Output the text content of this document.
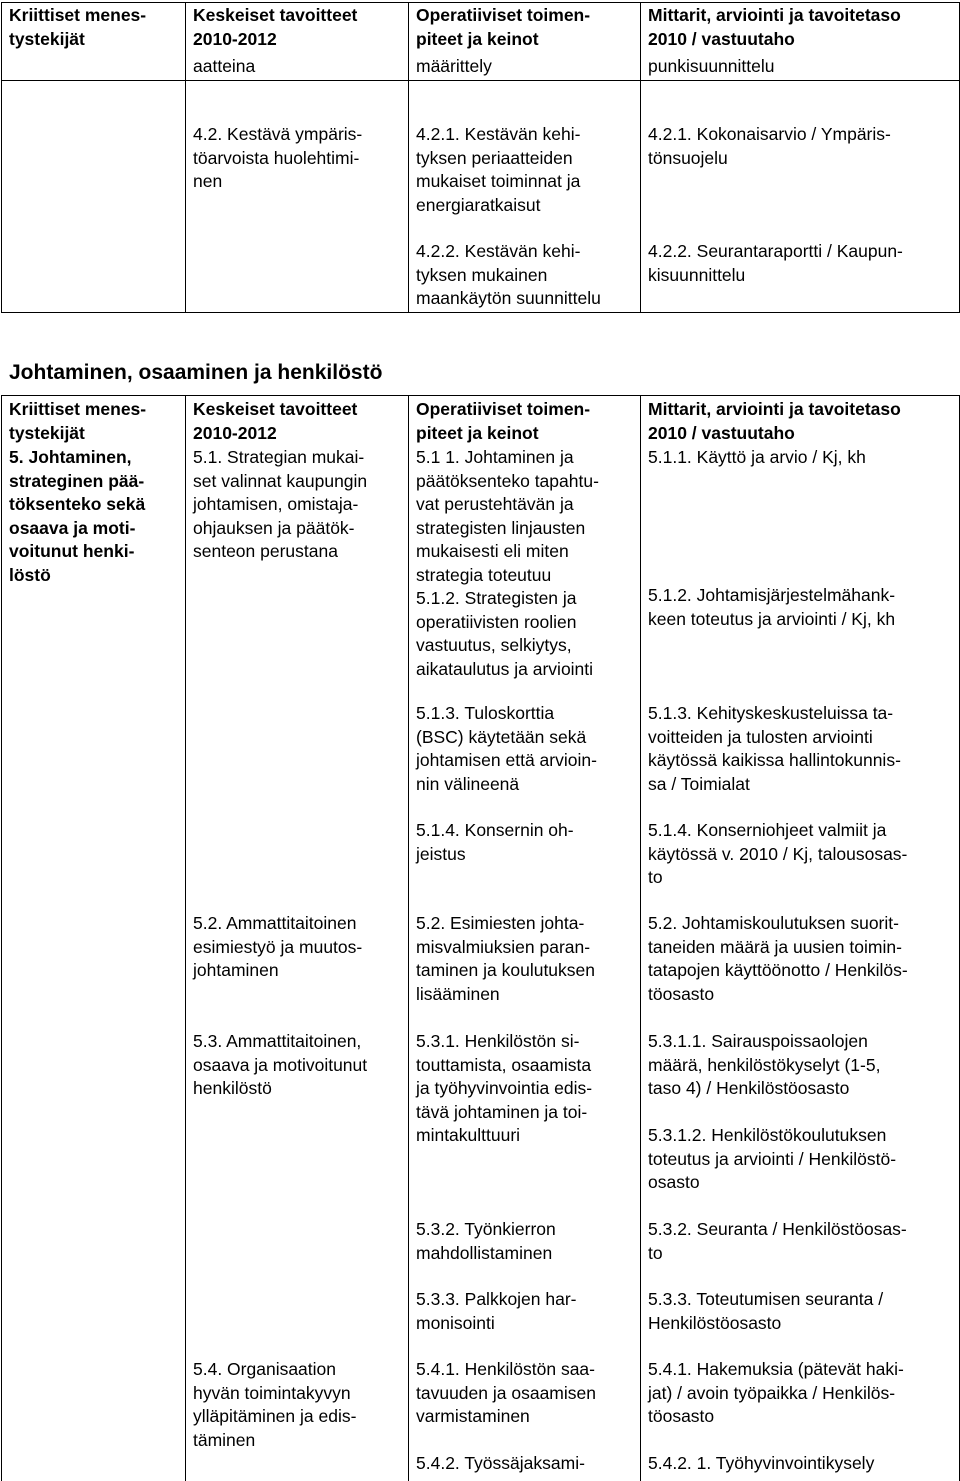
Kriittiset menes-
tystekijät
Keskeiset tavoitteet
2010-2012
Operatiiviset toimen-
piteet ja keinot
Mittarit, arviointi ja tavoitetaso
2010 / vastuutaho
aatteina	määrittely	punkisuunnittelu
4.2. Kestävä ympäris-
töarvoista huolehtimi-
nen
4.2.1. Kestävän kehi-
tyksen periaatteiden
mukaiset toiminnat ja
energiaratkaisut
4.2.1. Kokonaisarvio / Ympäris-
tönsuojelu
4.2.2. Kestävän kehi-
tyksen mukainen
maankäytön suunnittelu
4.2.2. Seurantaraportti / Kaupun-
kisuunnittelu
Johtaminen, osaaminen ja henkilöstö
Kriittiset menes-
tystekijät
Keskeiset tavoitteet
2010-2012
Operatiiviset toimen-
piteet ja keinot
Mittarit, arviointi ja tavoitetaso
2010 / vastuutaho
5. Johtaminen,
strateginen pää-
töksenteko sekä
osaava ja moti-
voitunut henki-
löstö
5.1. Strategian mukai-
set valinnat kaupungin
johtamisen, omistaja-
ohjauksen ja päätök-
senteon perustana
5.2. Ammattitaitoinen
esimiestyö ja muutos-
johtaminen
5.3. Ammattitaitoinen,
osaava ja motivoitunut
henkilöstö
5.4. Organisaation
hyvän toimintakyvyn
ylläpitäminen ja edis-
täminen
5.1 1. Johtaminen ja
päätöksenteko tapahtu-
vat perustehtävän ja
strategisten linjausten
mukaisesti eli miten
strategia toteutuu
5.1.2. Strategisten ja
operatiivisten roolien
vastuutus, selkiytys,
aikataulutus ja arviointi
5.1.3. Tuloskorttia
(BSC) käytetään sekä
johtamisen että arvioin-
nin välineenä
5.1.4. Konsernin oh-
jeistus
5.2. Esimiesten johta-
misvalmiuksien paran-
taminen ja koulutuksen
lisääminen
5.3.1. Henkilöstön si-
touttamista, osaamista
ja työhyvinvointia edis-
tävä johtaminen ja toi-
mintakulttuuri
5.3.2. Työnkierron
mahdollistaminen
5.3.3. Palkkojen har-
monisointi
5.4.1. Henkilöstön saa-
tavuuden ja osaamisen
varmistaminen
5.4.2. Työssäjaksami-
5.1.1. Käyttö ja arvio / Kj, kh
5.1.2. Johtamisjärjestelmähank-
keen toteutus ja arviointi / Kj, kh
5.1.3. Kehityskeskusteluissa ta-
voitteiden ja tulosten arviointi
käytössä kaikissa hallintokunnis-
sa / Toimialat
5.1.4. Konserniohjeet valmiit ja
käytössä v. 2010 / Kj, talousosas-
to
5.2. Johtamiskoulutuksen suorit-
taneiden määrä ja uusien toimin-
tatapojen käyttöönotto / Henkilös-
töosasto
5.3.1.1. Sairauspoissaolojen
määrä, henkilöstökyselyt (1-5,
taso 4) / Henkilöstöosasto
5.3.1.2. Henkilöstökoulutuksen
toteutus ja arviointi / Henkilöstö-
osasto
5.3.2. Seuranta / Henkilöstöosas-
to
5.3.3. Toteutumisen seuranta /
Henkilöstöosasto
5.4.1. Hakemuksia (pätevät haki-
jat) / avoin työpaikka / Henkilös-
töosasto
5.4.2. 1. Työhyvinvointikysely
